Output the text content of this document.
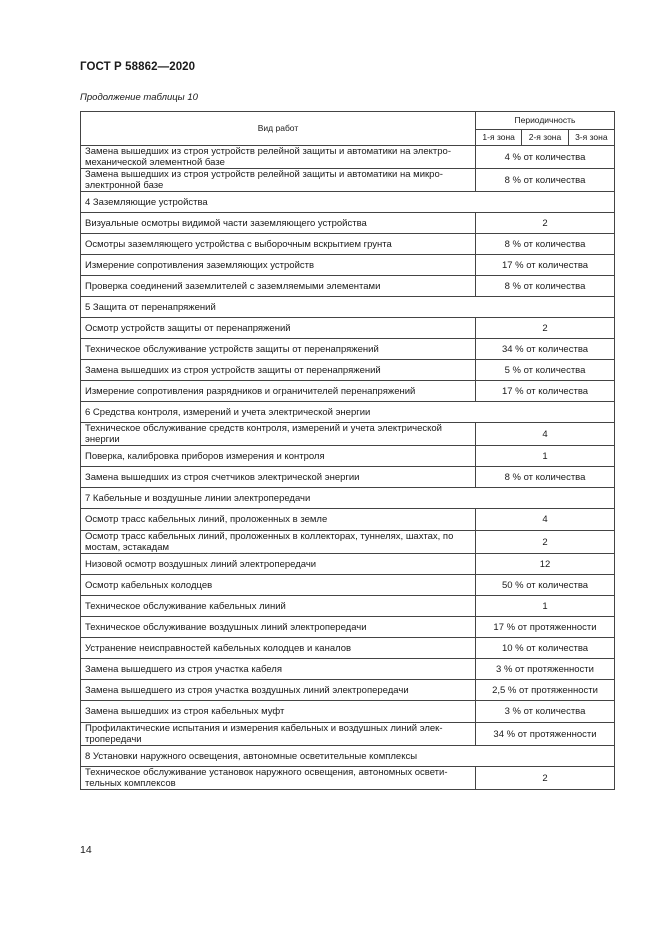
ГОСТ Р 58862—2020
Продолжение таблицы 10
Вид работ	Периодичность		
	1-я зона	2-я зона	3-я зона
Замена вышедших из строя устройств релейной защиты и автоматики на электро-механической элементной базе	4 % от количества		
Замена вышедших из строя устройств релейной защиты и автоматики на микро-электронной базе	8 % от количества		
4 Заземляющие устройства			
Визуальные осмотры видимой части заземляющего устройства	2		
Осмотры заземляющего устройства с выборочным вскрытием грунта	8 % от количества		
Измерение сопротивления заземляющих устройств	17 % от количества		
Проверка соединений заземлителей с заземляемыми элементами	8 % от количества		
5 Защита от перенапряжений			
Осмотр устройств защиты от перенапряжений	2		
Техническое обслуживание устройств защиты от перенапряжений	34 % от количества		
Замена вышедших из строя устройств защиты от перенапряжений	5 % от количества		
Измерение сопротивления разрядников и ограничителей перенапряжений	17 % от количества		
6 Средства контроля, измерений и учета электрической энергии			
Техническое обслуживание средств контроля, измерений и учета электрической энергии	4		
Поверка, калибровка приборов измерения и контроля	1		
Замена вышедших из строя счетчиков электрической энергии	8 % от количества		
7 Кабельные и воздушные линии электропередачи			
Осмотр трасс кабельных линий, проложенных в земле	4		
Осмотр трасс кабельных линий, проложенных в коллекторах, туннелях, шахтах, по мостам, эстакадам	2		
Низовой осмотр воздушных линий электропередачи	12		
Осмотр кабельных колодцев	50 % от количества		
Техническое обслуживание кабельных линий	1		
Техническое обслуживание воздушных линий электропередачи	17 % от протяженности		
Устранение неисправностей кабельных колодцев и каналов	10 % от количества		
Замена вышедшего из строя участка кабеля	3 % от протяженности		
Замена вышедшего из строя участка воздушных линий электропередачи	2,5 % от протяженности		
Замена вышедших из строя кабельных муфт	3 % от количества		
Профилактические испытания и измерения кабельных и воздушных линий элек-тропередачи	34 % от протяженности		
8 Установки наружного освещения, автономные осветительные комплексы			
Техническое обслуживание установок наружного освещения, автономных освети-тельных комплексов	2		
14
